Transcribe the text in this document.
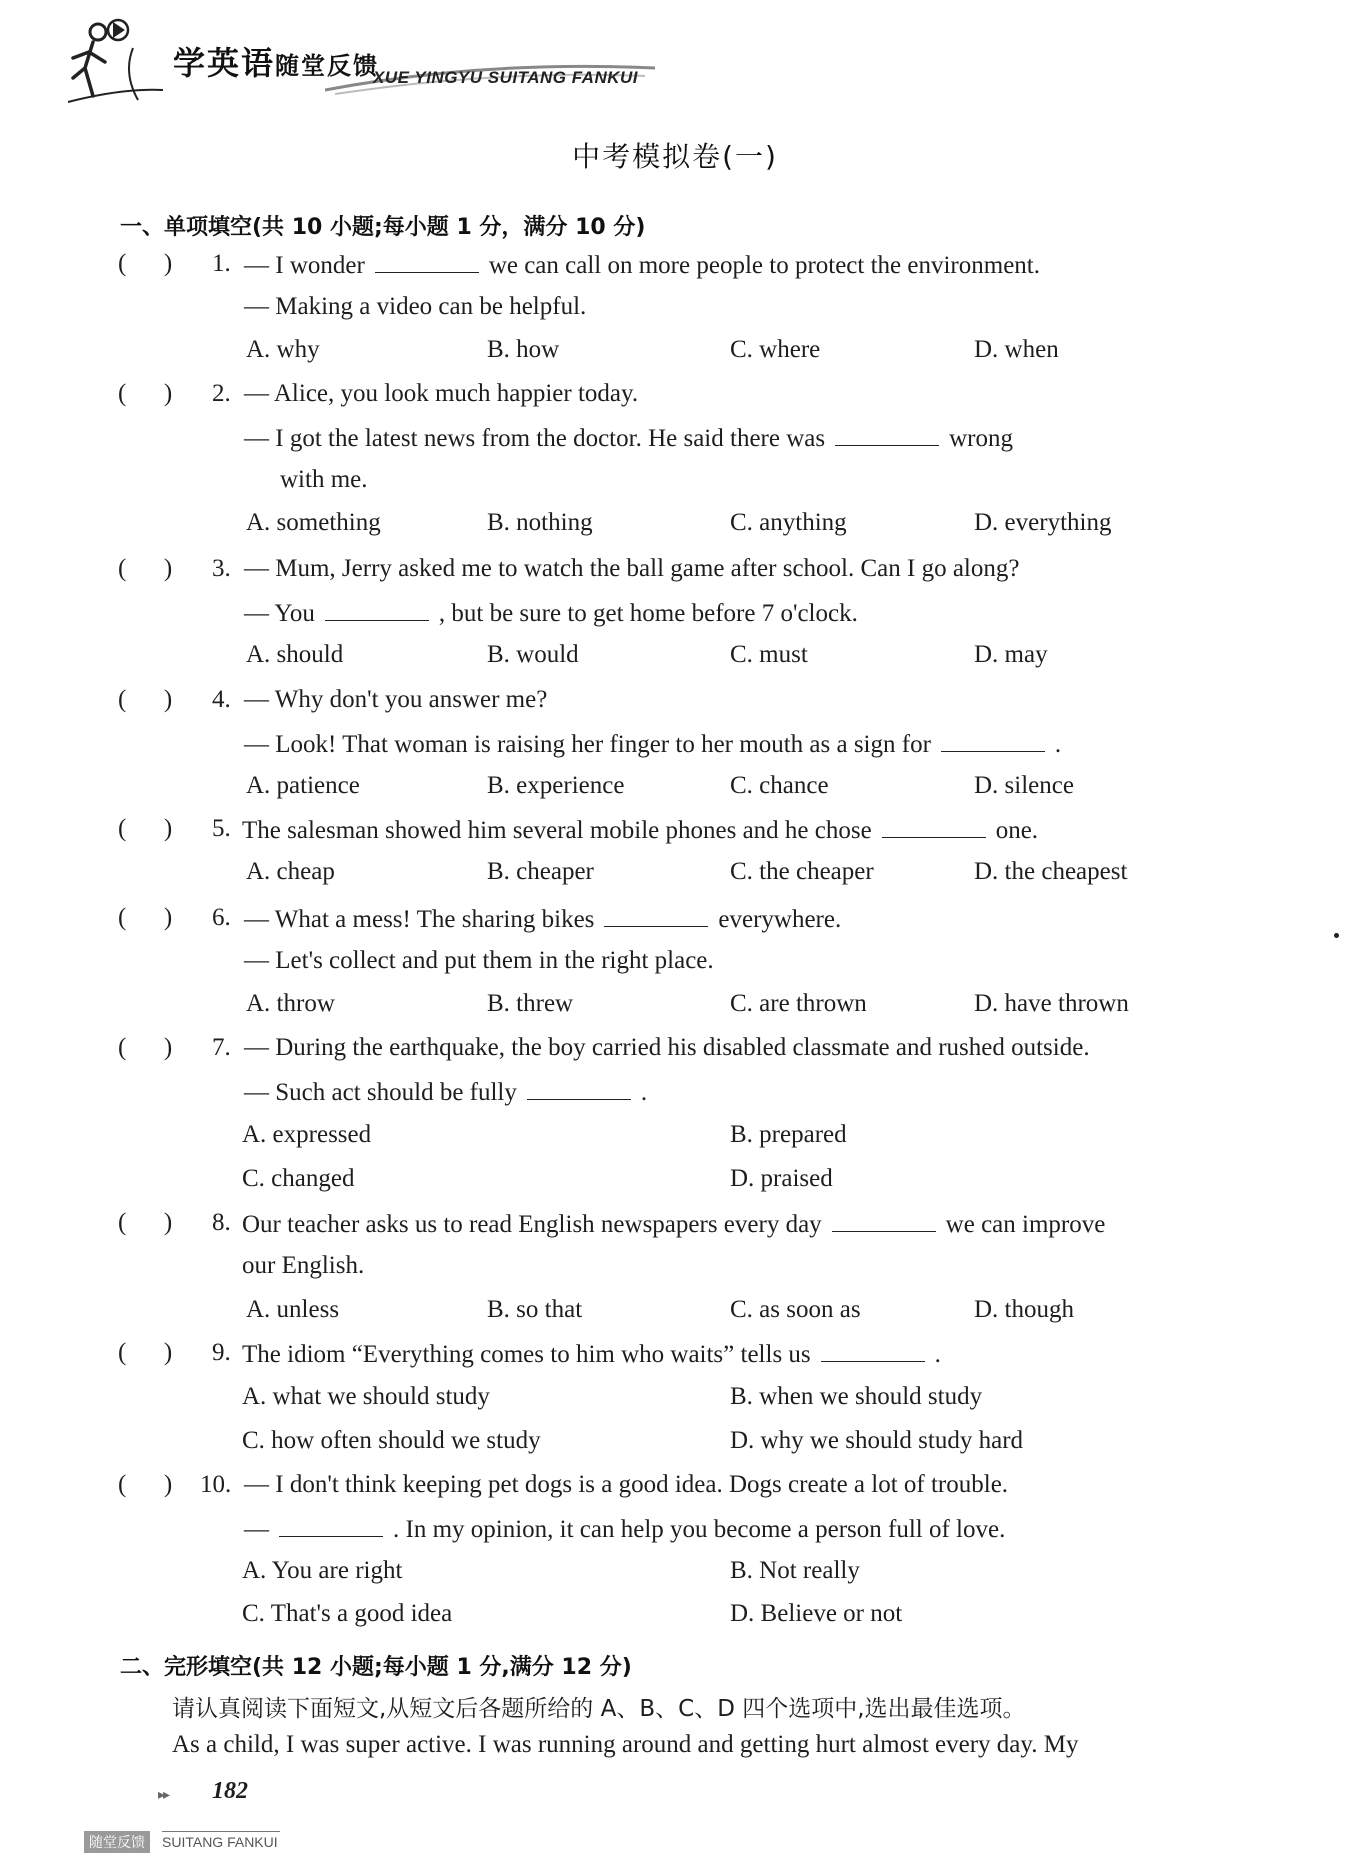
学英语随堂反馈
XUE YINGYU SUITANG FANKUI
中考模拟卷(一)
一、单项填空(共 10 小题;每小题 1 分，满分 10 分)
(      ) 1. — I wonder	we can call on more people to protect the environment.
— Making a video can be helpful.
A. why	B. how	C. where	D. when
(      ) 2. — Alice, you look much happier today.
— I got the latest news from the doctor. He said there was	wrong
with me.
A. something	B. nothing	C. anything	D. everything
(      ) 3. — Mum, Jerry asked me to watch the ball game after school. Can I go along?
— You	, but be sure to get home before 7 o'clock.
A. should	B. would	C. must	D. may
(      ) 4. — Why don't you answer me?
— Look! That woman is raising her finger to her mouth as a sign for	.
A. patience	B. experience	C. chance	D. silence
(      ) 5. The salesman showed him several mobile phones and he chose	one.
A. cheap	B. cheaper	C. the cheaper	D. the cheapest
(      ) 6. — What a mess! The sharing bikes	everywhere.
— Let's collect and put them in the right place.
A. throw	B. threw	C. are thrown	D. have thrown
(      ) 7. — During the earthquake, the boy carried his disabled classmate and rushed outside.
— Such act should be fully	.
A. expressed	B. prepared
C. changed	D. praised
(      ) 8. Our teacher asks us to read English newspapers every day	we can improve
our English.
A. unless	B. so that	C. as soon as	D. though
(      ) 9. The idiom “Everything comes to him who waits” tells us	.
A. what we should study	B. when we should study
C. how often should we study	D. why we should study hard
(      ) 10. — I don't think keeping pet dogs is a good idea. Dogs create a lot of trouble.
—	. In my opinion, it can help you become a person full of love.
A. You are right	B. Not really
C. That's a good idea	D. Believe or not
二、完形填空(共 12 小题;每小题 1 分,满分 12 分)
请认真阅读下面短文,从短文后各题所给的 A、B、C、D 四个选项中,选出最佳选项。
As a child, I was super active. I was running around and getting hurt almost every day. My
▸▸ 182
随堂反馈	SUITANG FANKUI
